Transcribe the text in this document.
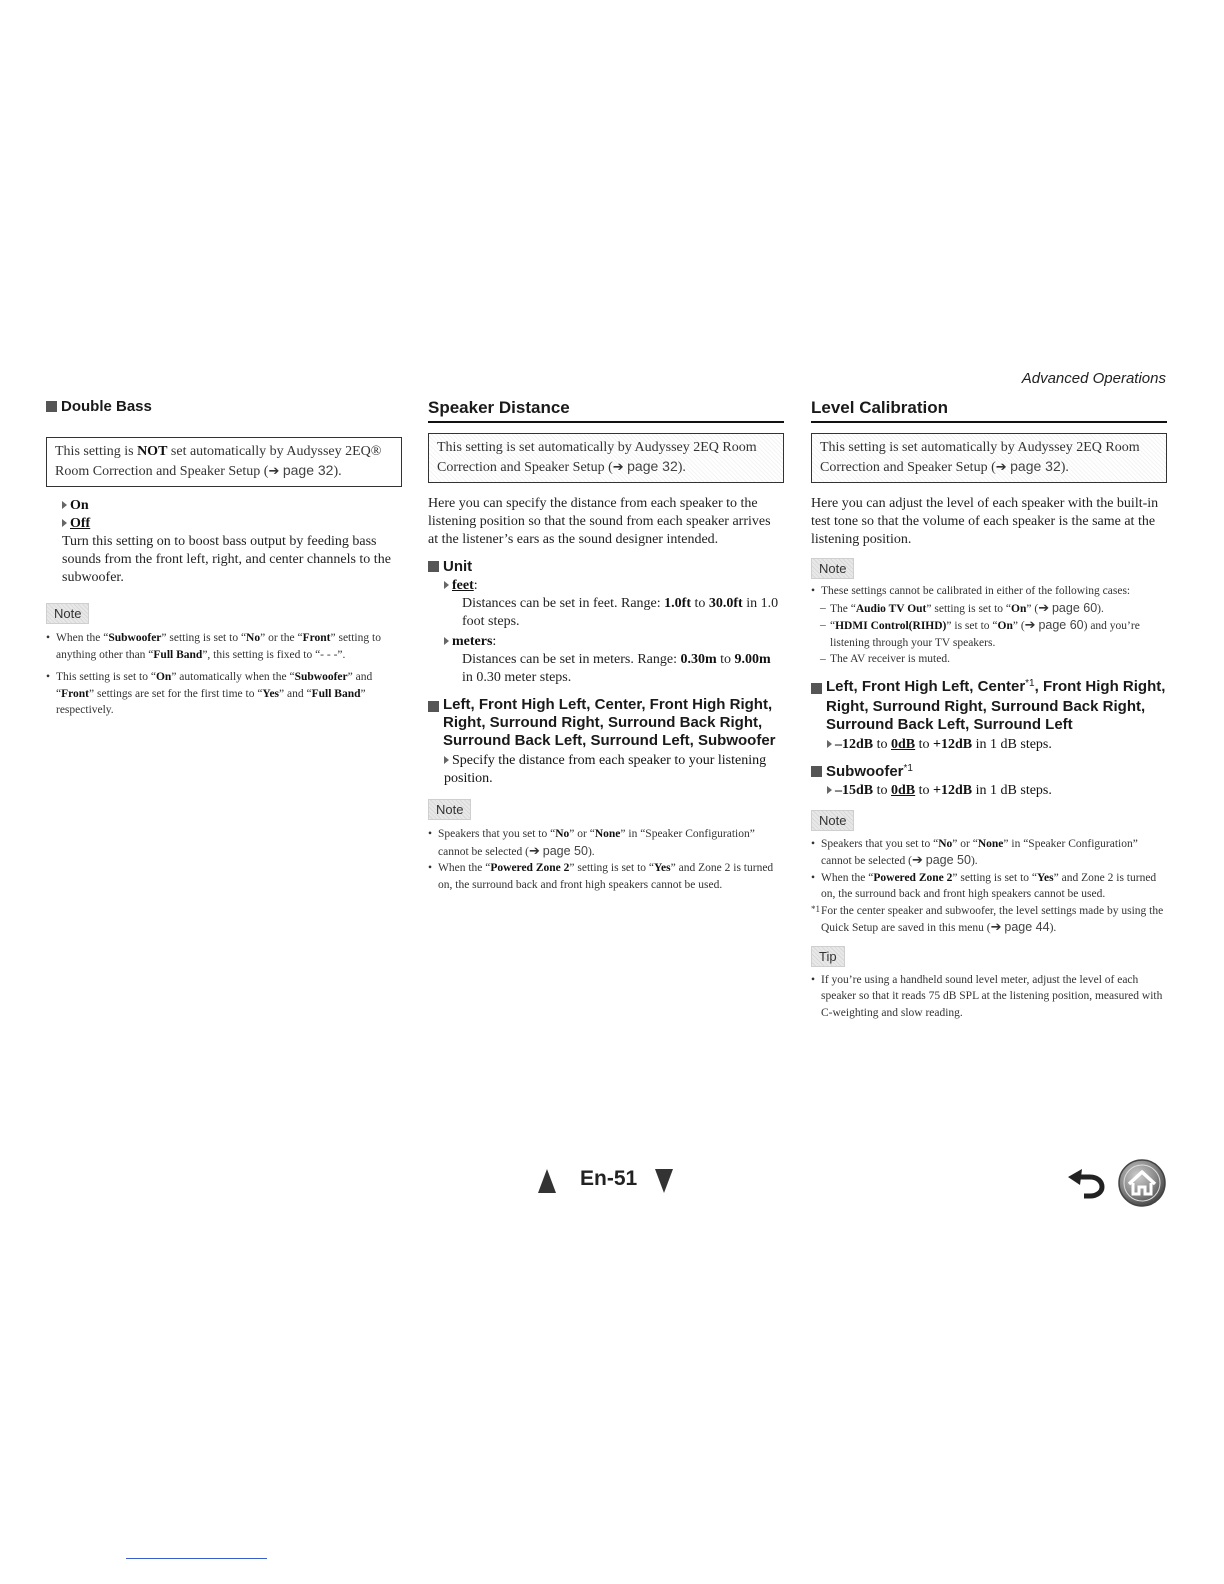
Advanced Operations
Double Bass
This setting is NOT set automatically by Audyssey 2EQ® Room Correction and Speaker Setup (➔ page 32).
On
Off

Turn this setting on to boost bass output by feeding bass sounds from the front left, right, and center channels to the subwoofer.

Note
• When the “Subwoofer” setting is set to “No” or the “Front” setting to anything other than “Full Band”, this setting is fixed to “- - -”.
• This setting is set to “On” automatically when the “Subwoofer” and “Front” settings are set for the first time to “Yes” and “Full Band” respectively.
Speaker Distance
This setting is set automatically by Audyssey 2EQ Room Correction and Speaker Setup (➔ page 32).

Here you can specify the distance from each speaker to the listening position so that the sound from each speaker arrives at the listener’s ears as the sound designer intended.

Unit
feet:

Distances can be set in feet. Range: 1.0ft to 30.0ft in 1.0 foot steps.

meters:

Distances can be set in meters. Range: 0.30m to 9.00m in 0.30 meter steps.

Left, Front High Left, Center, Front High Right, Right, Surround Right, Surround Back Right, Surround Back Left, Surround Left, Subwoofer
Specify the distance from each speaker to your listening position.
Note
• Speakers that you set to “No” or “None” in “Speaker Configuration” cannot be selected (➔ page 50).
• When the “Powered Zone 2” setting is set to “Yes” and Zone 2 is turned on, the surround back and front high speakers cannot be used.
Level Calibration
This setting is set automatically by Audyssey 2EQ Room Correction and Speaker Setup (➔ page 32).

Here you can adjust the level of each speaker with the built-in test tone so that the volume of each speaker is the same at the listening position.

Note
• These settings cannot be calibrated in either of the following cases:
– The “Audio TV Out” setting is set to “On” (➔ page 60).
– “HDMI Control(RIHD)” is set to “On” (➔ page 60) and you’re listening through your TV speakers.
– The AV receiver is muted.
Left, Front High Left, Center$^{*1}$, Front High Right, Right, Surround Right, Surround Back Right, Surround Back Left, Surround Left
–12dB to 0dB to +12dB in 1 dB steps.
Subwoofer$^{*1}$
–15dB to 0dB to +12dB in 1 dB steps.
Note
• Speakers that you set to “No” or “None” in “Speaker Configuration” cannot be selected (➔ page 50).
• When the “Powered Zone 2” setting is set to “Yes” and Zone 2 is turned on, the surround back and front high speakers cannot be used.
*1 For the center speaker and subwoofer, the level settings made by using the Quick Setup are saved in this menu (➔ page 44).
Tip
• If you’re using a handheld sound level meter, adjust the level of each speaker so that it reads 75 dB SPL at the listening position, measured with C-weighting and slow reading.
En-51
